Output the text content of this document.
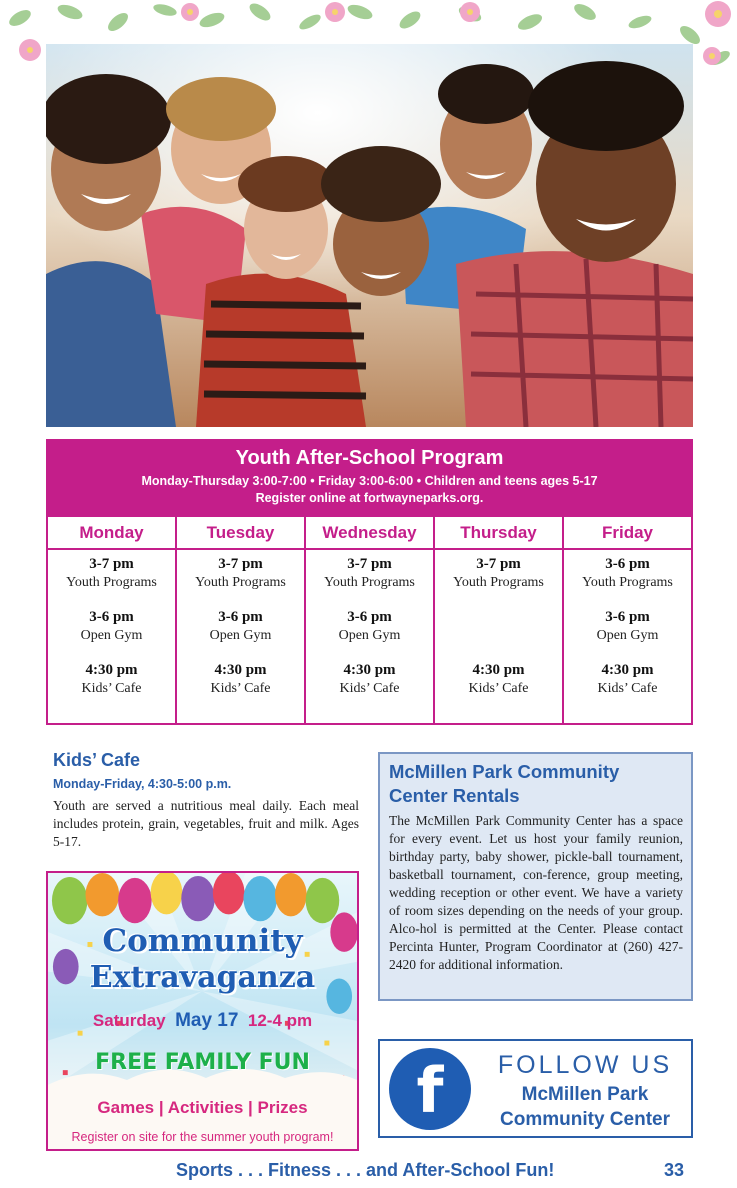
Youth After-School Program
Monday-Thursday 3:00-7:00 • Friday 3:00-6:00 • Children and teens ages 5-17
Register online at fortwayneparks.org.
Monday
3-7 pm
Youth Programs
3-6 pm
Open Gym
4:30 pm
Kids’ Cafe
Tuesday
3-7 pm
Youth Programs
3-6 pm
Open Gym
4:30 pm
Kids’ Cafe
Wednesday
3-7 pm
Youth Programs
3-6 pm
Open Gym
4:30 pm
Kids’ Cafe
Thursday
3-7 pm
Youth Programs
4:30 pm
Kids’ Cafe
Friday
3-6 pm
Youth Programs
3-6 pm
Open Gym
4:30 pm
Kids’ Cafe
Kids’ Cafe
Monday-Friday, 4:30-5:00 p.m.
Youth are served a nutritious meal daily. Each meal includes protein, grain, vegetables, fruit and milk. Ages 5-17.
McMillen Park Community
Center Rentals
The McMillen Park Community Center has a space for every event. Let us host your family reunion, birthday party, baby shower, pickle-ball tournament, basketball tournament, con-ference, group meeting, wedding reception or other event. We have a variety of room sizes depending on the needs of your group. Alco-hol is permitted at the Center. Please contact Percinta Hunter, Program Coordinator at (260) 427-2420 for additional information.
Community
Extravaganza
Saturday May 17 12-4 pm
FREE FAMILY FUN
Games | Activities | Prizes
Register on site for the summer youth program!
f	FOLLOW US
McMillen Park
Community Center
Sports . . . Fitness . . . and After-School Fun!	33
